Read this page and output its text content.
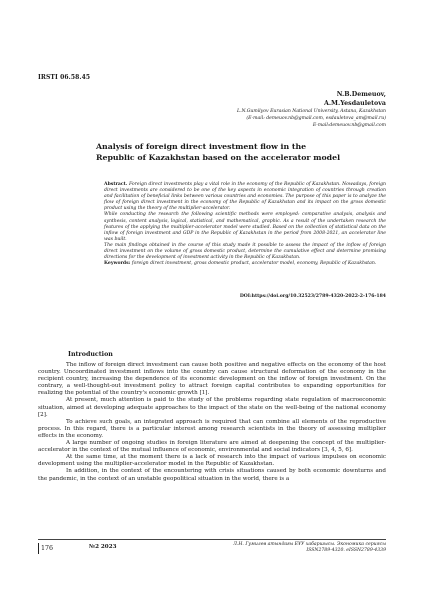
IRSTI 06.58.45
N.B.Demeuov,
A.M.Yesdauletova
L.N.Gumilyov Eurasian National University, Astana, Kazakhstan
(E-mail: demeuov.nb@gmail.com, esdauletova_am@mail.ru)
E-mail:demeuov.nb@gmail.com
Analysis of foreign direct investment flow in the Republic of Kazakhstan based on the accelerator model

Abstract. Foreign direct investments play a vital role in the economy of the Republic of Kazakhstan. Nowadays, foreign direct investments are considered to be one of the key aspects in economic integration of countries through creation and facilitation of beneficial links between various countries and economies. The purpose of this paper is to analyze the flow of foreign direct investment in the economy of the Republic of Kazakhstan and its impact on the gross domestic product using the theory of the multiplier-accelerator.

While conducting the research the following scientific methods were employed: comparative analysis, analysis and synthesis, content analysis, logical, statistical, and mathematical, graphic. As a result of the undertaken research the features of the applying the multiplier-accelerator model were studied. Based on the collection of statistical data on the inflow of foreign investment and GDP in the Republic of Kazakhstan in the period from 2008-2021, an accelerator line was built.

The main findings obtained in the course of this study made it possible to assess the impact of the inflow of foreign direct investment on the volume of gross domestic product, determine the cumulative effect and determine promising directions for the development of investment activity in the Republic of Kazakhstan.

Keywords: foreign direct investment, gross domestic product, accelerator model, economy, Republic of Kazakhstan.

DOI:https://doi.org/10.32523/2789-4320-2022-2-176-184
Introduction

The inflow of foreign direct investment can cause both positive and negative effects on the economy of the host country. Uncoordinated investment inflows into the country can cause structural deformation of the economy in the recipient country, increasing the dependence of its economic development on the inflow of foreign investment. On the contrary, a well-thought-out investment policy to attract foreign capital contributes to expanding opportunities for realizing the potential of the country's economic growth [1].

At present, much attention is paid to the study of the problems regarding state regulation of macroeconomic situation, aimed at developing adequate approaches to the impact of the state on the well-being of the national economy [2].

To achieve such goals, an integrated approach is required that can combine all elements of the reproductive process. In this regard, there is a particular interest among research scientists in the theory of assessing multiplier effects in the economy.

A large number of ongoing studies in foreign literature are aimed at deepening the concept of the multiplier-accelerator in the context of the mutual influence of economic, environmental and social indicators [3, 4, 5, 6].

At the same time, at the moment there is a lack of research into the impact of various impulses on economic development using the multiplier-accelerator model in the Republic of Kazakhstan.

In addition, in the context of the encountering with crisis situations caused by both economic downturns and the pandemic, in the context of an unstable geopolitical situation in the world, there is a

176	№2 2023	Л.Н. Гумилев атындағы ЕҰУ хабаршысы. Экономика сериясы
ISSN2789-4320. eISSN2789-4339
